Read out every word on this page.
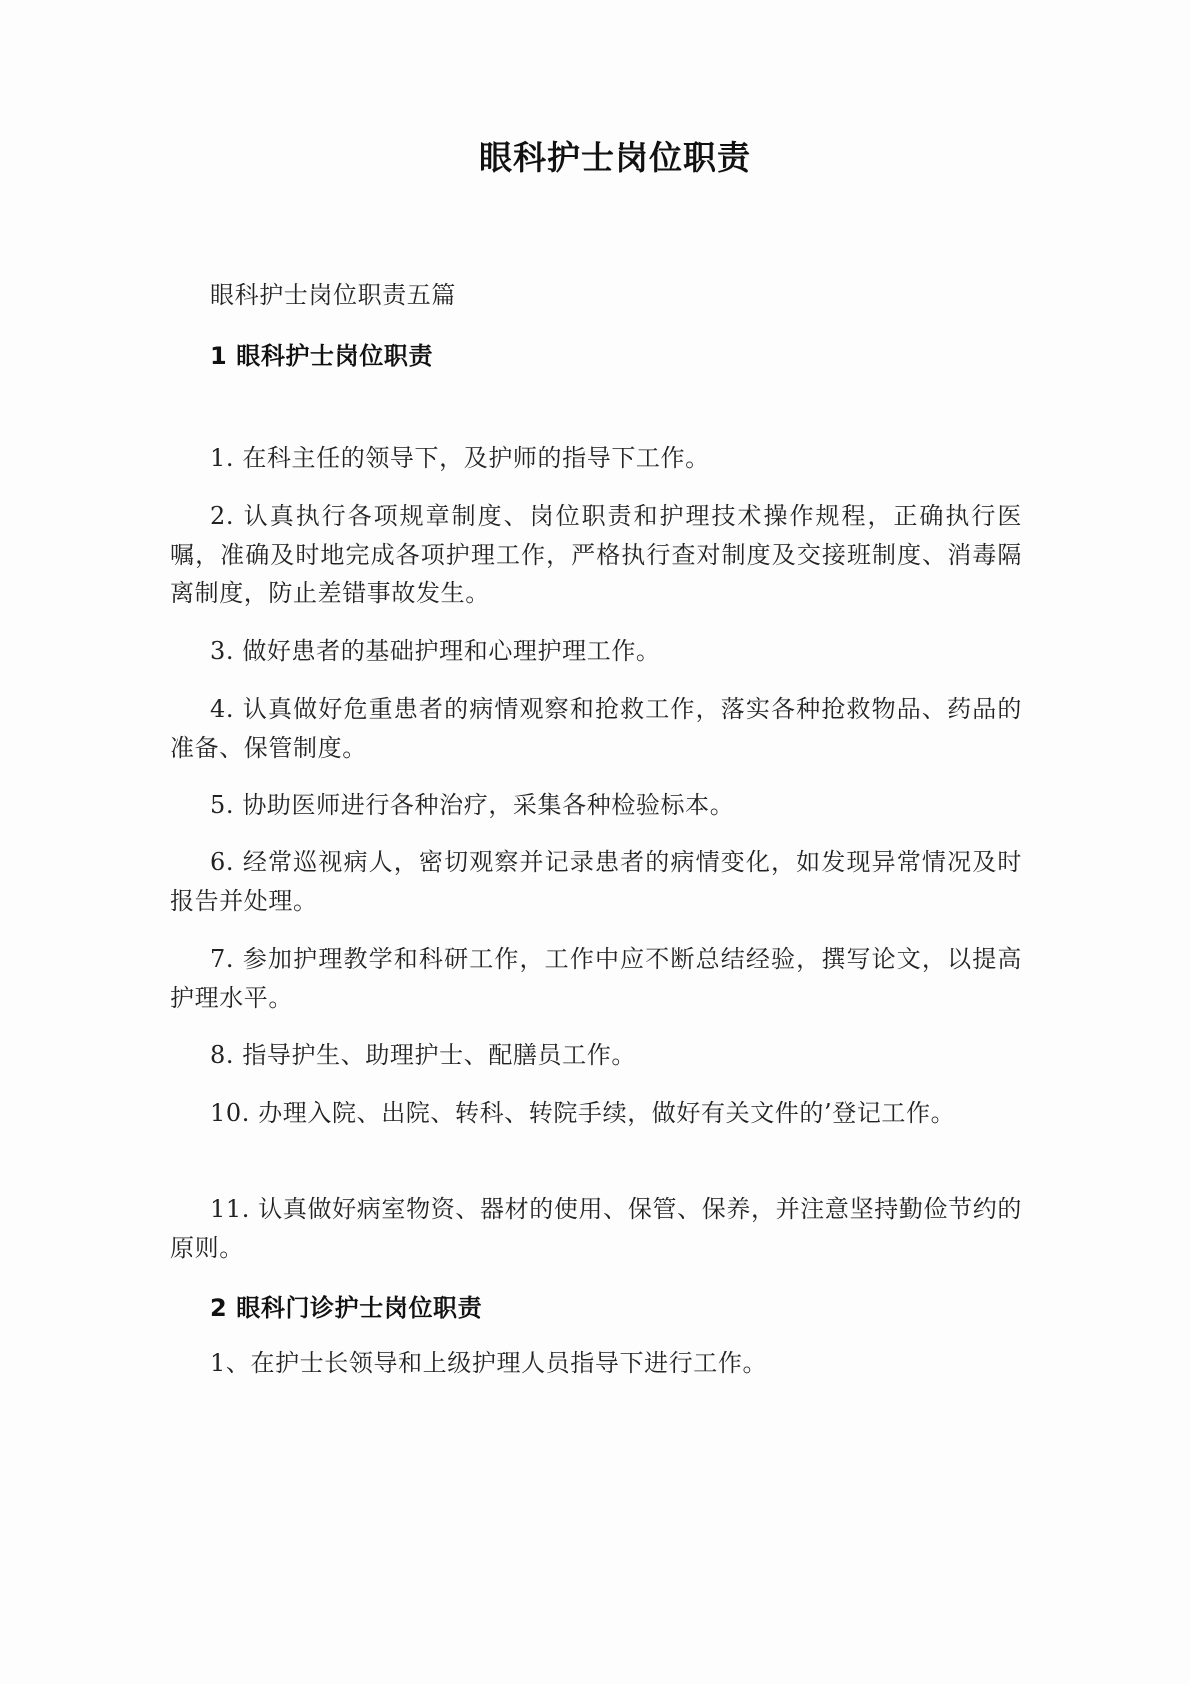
眼科护士岗位职责
眼科护士岗位职责五篇
1 眼科护士岗位职责
1. 在科主任的领导下，及护师的指导下工作。
2. 认真执行各项规章制度、岗位职责和护理技术操作规程，正确执行医嘱，准确及时地完成各项护理工作，严格执行查对制度及交接班制度、消毒隔离制度，防止差错事故发生。
3. 做好患者的基础护理和心理护理工作。
4. 认真做好危重患者的病情观察和抢救工作，落实各种抢救物品、药品的准备、保管制度。
5. 协助医师进行各种治疗，采集各种检验标本。
6. 经常巡视病人，密切观察并记录患者的病情变化，如发现异常情况及时报告并处理。
7. 参加护理教学和科研工作，工作中应不断总结经验，撰写论文，以提高护理水平。
8. 指导护生、助理护士、配膳员工作。
10. 办理入院、出院、转科、转院手续，做好有关文件的’登记工作。
11. 认真做好病室物资、器材的使用、保管、保养，并注意坚持勤俭节约的原则。
2 眼科门诊护士岗位职责
1、在护士长领导和上级护理人员指导下进行工作。
